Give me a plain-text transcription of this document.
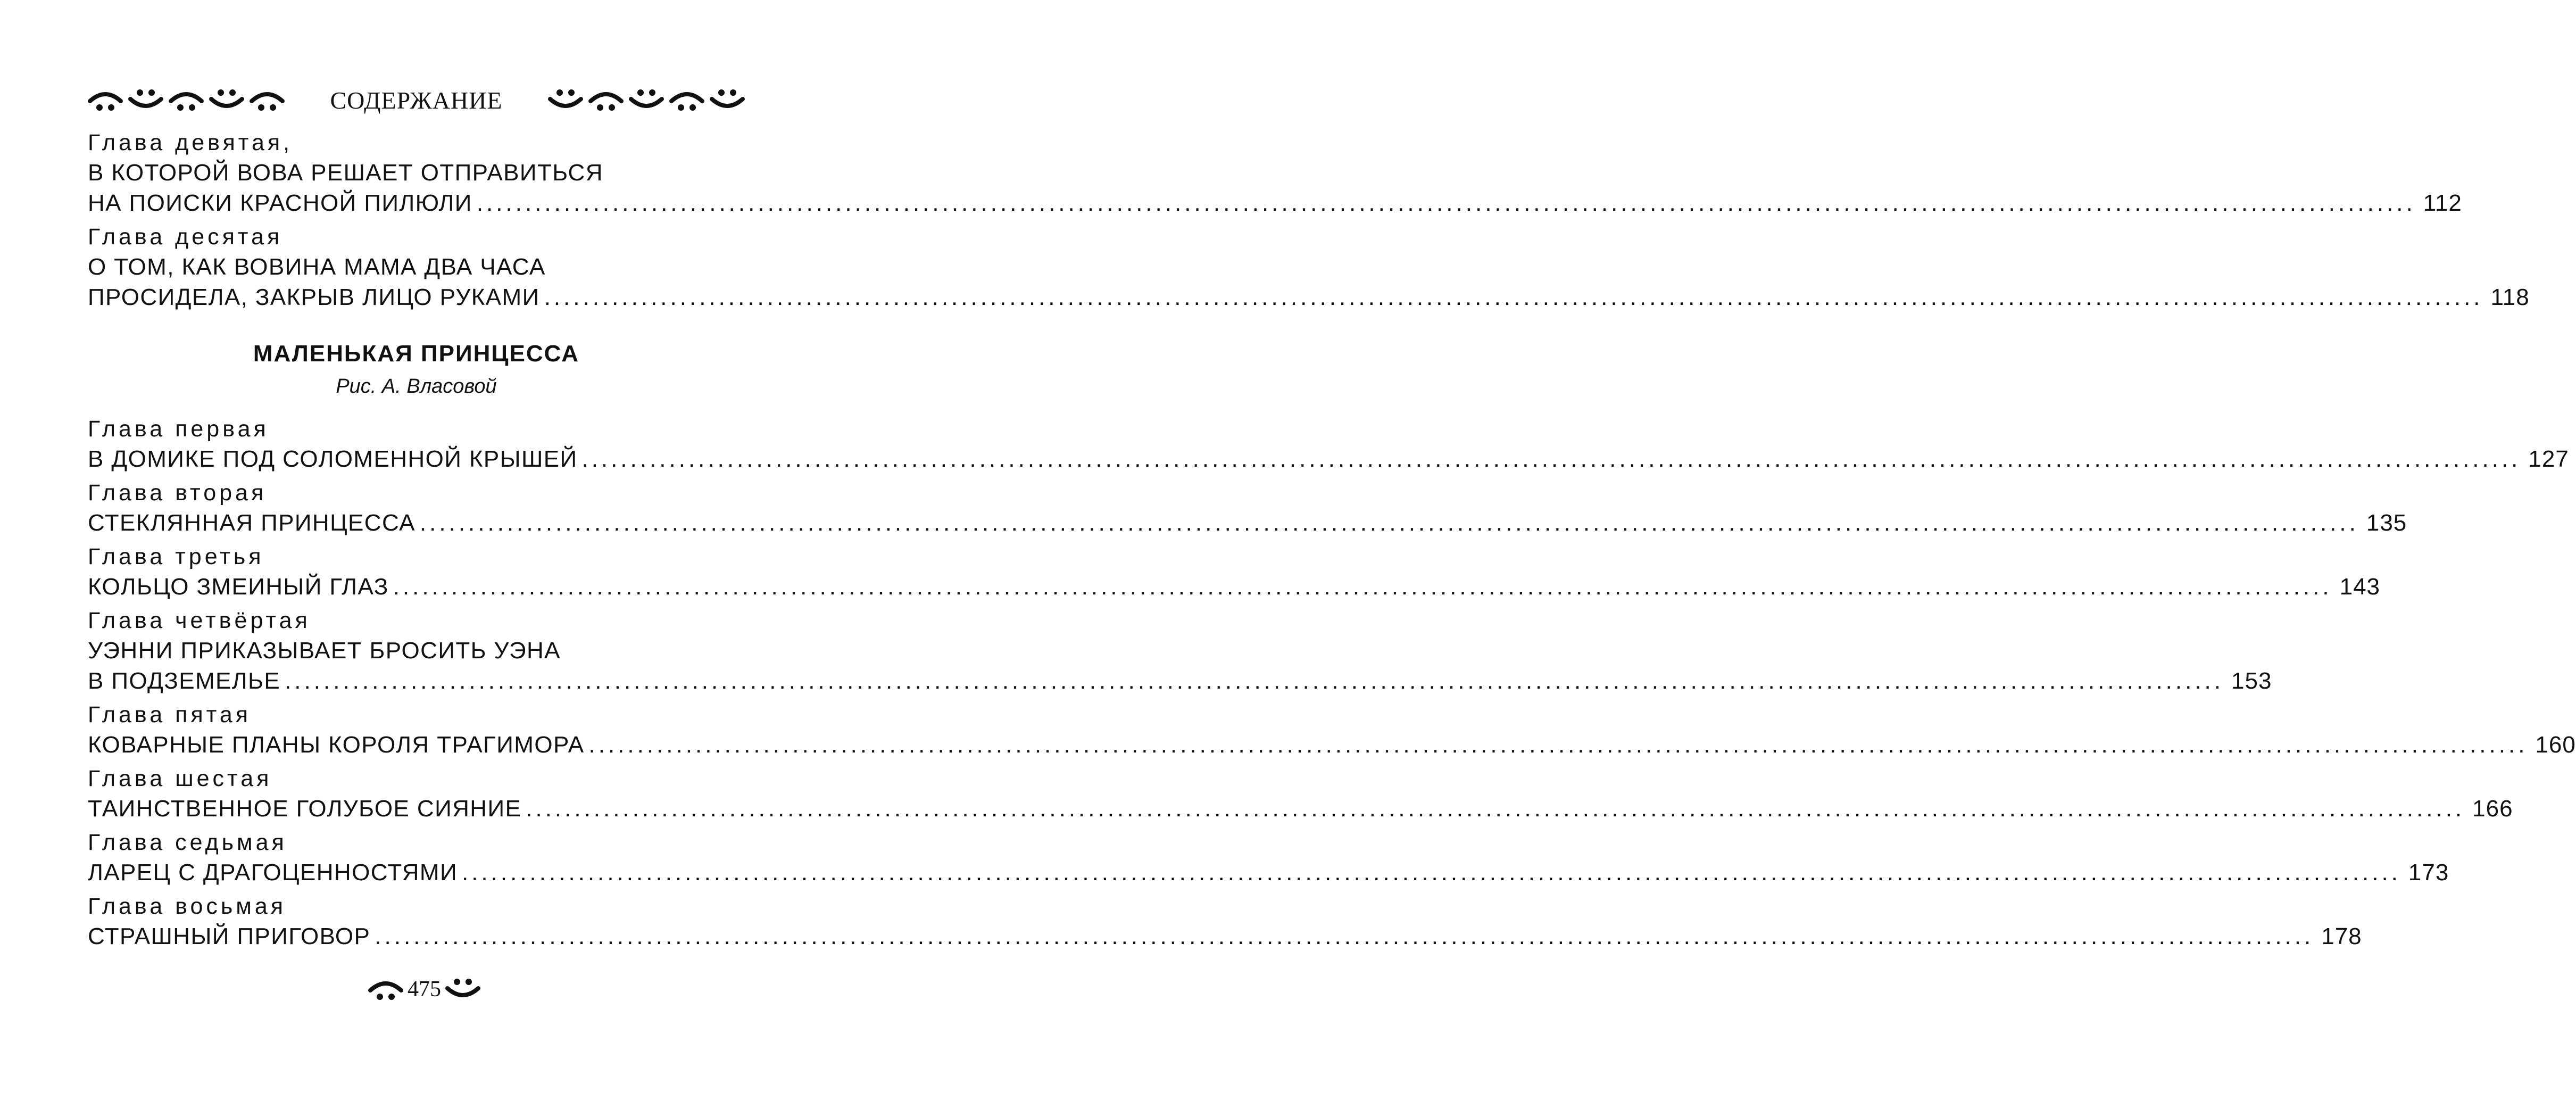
СОДЕРЖАНИЕ
Глава девятая,
В КОТОРОЙ ВОВА РЕШАЕТ ОТПРАВИТЬСЯ
НА ПОИСКИ КРАСНОЙ ПИЛЮЛИ ........................................................................................................................................................................................................ 112
Глава десятая
О ТОМ, КАК ВОВИНА МАМА ДВА ЧАСА
ПРОСИДЕЛА, ЗАКРЫВ ЛИЦО РУКАМИ ........................................................................................................................................................................................................ 118
МАЛЕНЬКАЯ ПРИНЦЕССА
Рис. А. Власовой
Глава первая
В ДОМИКЕ ПОД СОЛОМЕННОЙ КРЫШЕЙ ........................................................................................................................................................................................................ 127
Глава вторая
СТЕКЛЯННАЯ ПРИНЦЕССА ........................................................................................................................................................................................................ 135
Глава третья
КОЛЬЦО ЗМЕИНЫЙ ГЛАЗ ........................................................................................................................................................................................................ 143
Глава четвёртая
УЭННИ ПРИКАЗЫВАЕТ БРОСИТЬ УЭНА
В ПОДЗЕМЕЛЬЕ ........................................................................................................................................................................................................ 153
Глава пятая
КОВАРНЫЕ ПЛАНЫ КОРОЛЯ ТРАГИМОРА ........................................................................................................................................................................................................ 160
Глава шестая
ТАИНСТВЕННОЕ ГОЛУБОЕ СИЯНИЕ ........................................................................................................................................................................................................ 166
Глава седьмая
ЛАРЕЦ С ДРАГОЦЕННОСТЯМИ ........................................................................................................................................................................................................ 173
Глава восьмая
СТРАШНЫЙ ПРИГОВОР ........................................................................................................................................................................................................ 178
475
